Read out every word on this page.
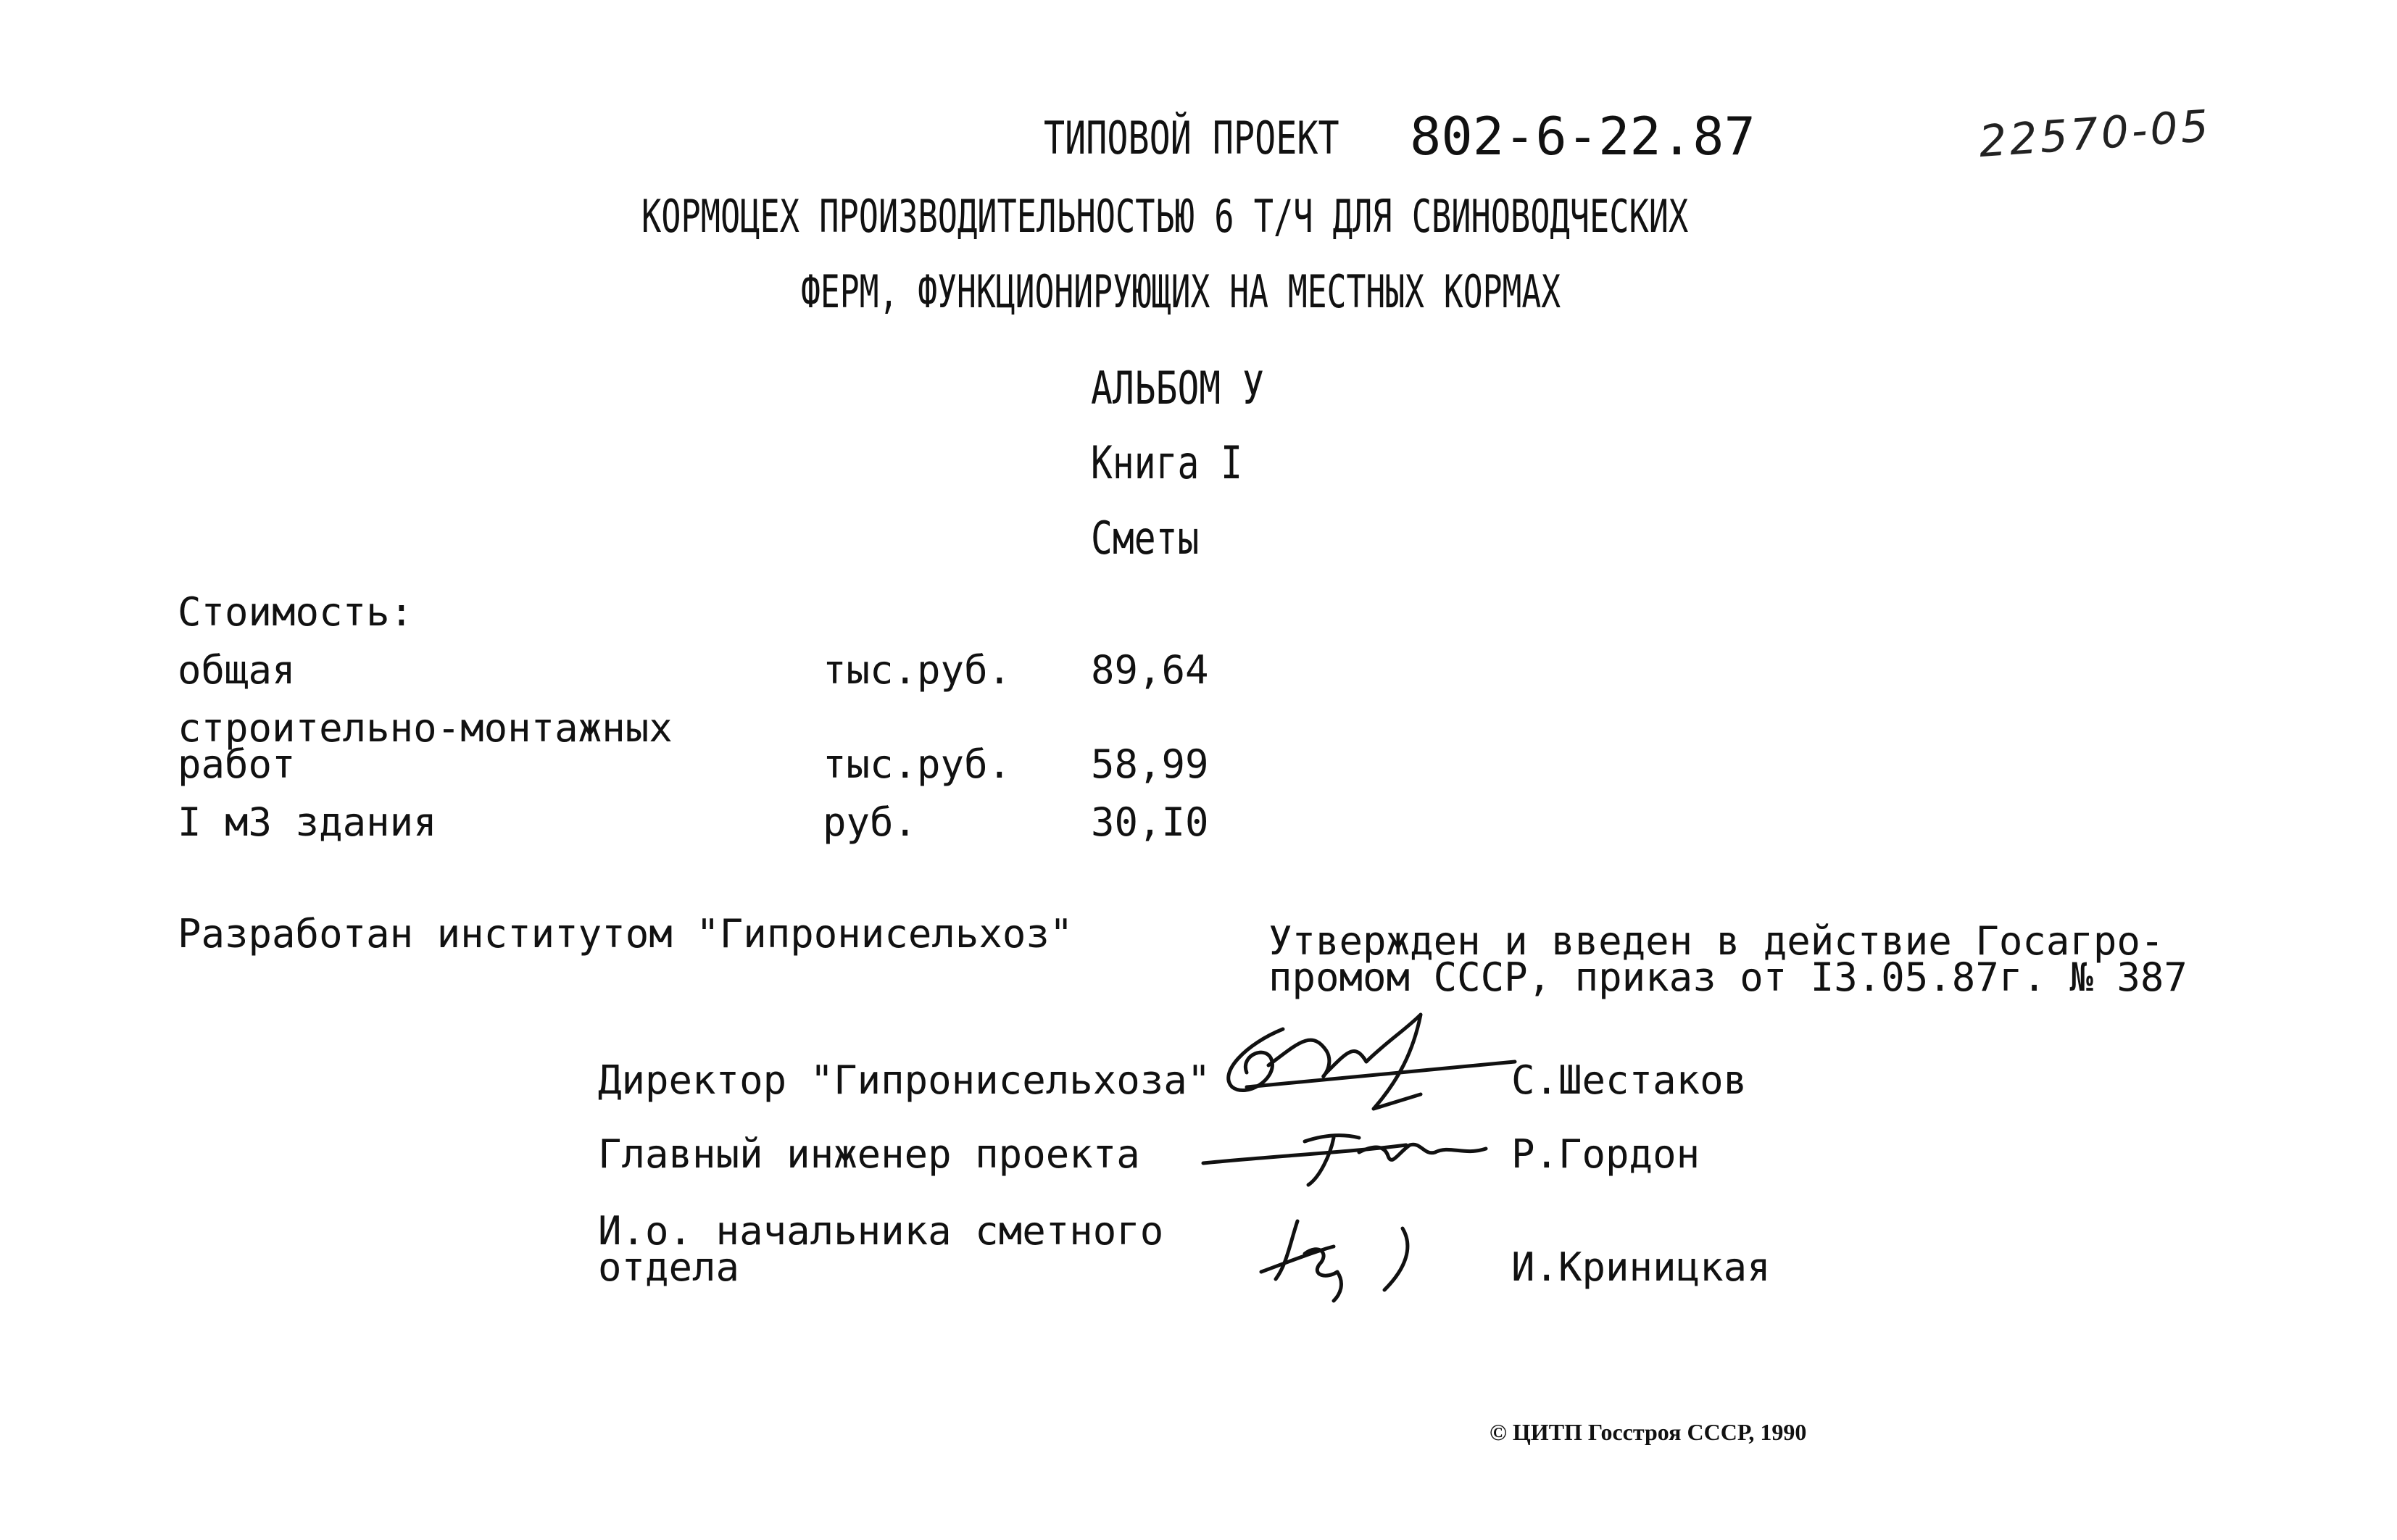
ТИПОВОЙ ПРОЕКТ	802-6-22.87	22570-05
КОРМОЦЕХ ПРОИЗВОДИТЕЛЬНОСТЬЮ 6 Т/Ч ДЛЯ СВИНОВОДЧЕСКИХ
ФЕРМ, ФУНКЦИОНИРУЮЩИХ НА МЕСТНЫХ КОРМАХ
АЛЬБОМ У
Книга I
Сметы
Стоимость:
общая	тыс.руб. 89,64
строительно-монтажных
работ	тыс.руб. 58,99
I м3 здания	руб.	30,I0
Разработан институтом "Гипронисельхоз"	Утвержден и введен в действие Госагро-
промом СССР, приказ от I3.05.87г. № 387
Директор "Гипронисельхоза"	С.Шестаков
Главный инженер проекта	Р.Гордон
И.о. начальника сметного
отдела	И.Криницкая
© ЦИТП Госстроя СССР, 1990
